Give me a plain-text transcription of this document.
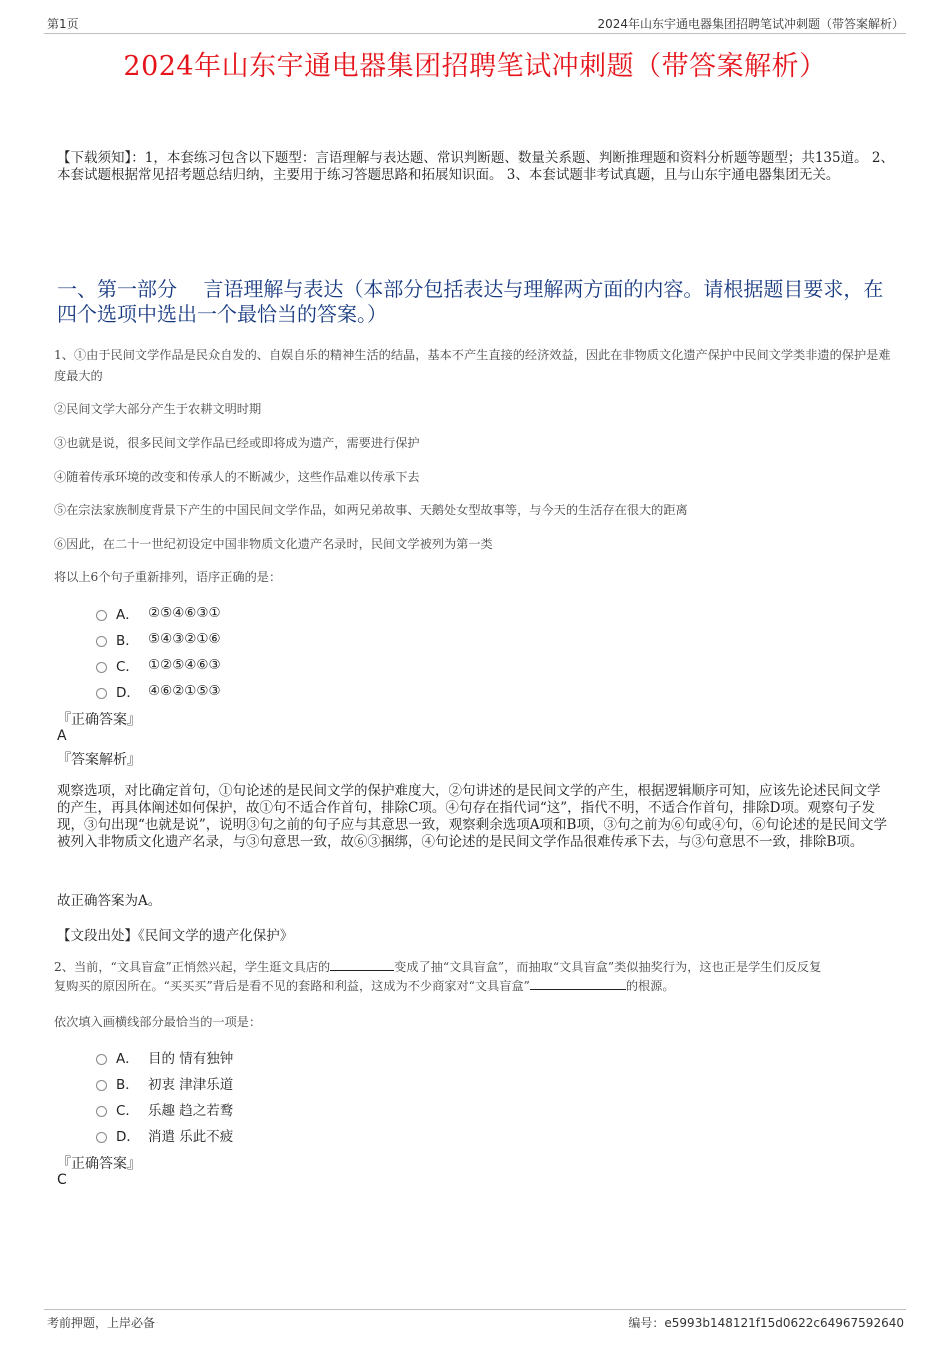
第1页	2024年山东宇通电器集团招聘笔试冲刺题（带答案解析）
2024年山东宇通电器集团招聘笔试冲刺题（带答案解析）
【下载须知】：1，本套练习包含以下题型：言语理解与表达题、常识判断题、数量关系题、判断推理题和资料分析题等题型；共135道。 2、本套试题根据常见招考题总结归纳，主要用于练习答题思路和拓展知识面。 3、本套试题非考试真题，且与山东宇通电器集团无关。
一、第一部分　 言语理解与表达（本部分包括表达与理解两方面的内容。请根据题目要求，在四个选项中选出一个最恰当的答案。）
1、①由于民间文学作品是民众自发的、自娱自乐的精神生活的结晶，基本不产生直接的经济效益，因此在非物质文化遗产保护中民间文学类非遗的保护是难度最大的
②民间文学大部分产生于农耕文明时期
③也就是说，很多民间文学作品已经或即将成为遗产，需要进行保护
④随着传承环境的改变和传承人的不断减少，这些作品难以传承下去
⑤在宗法家族制度背景下产生的中国民间文学作品，如两兄弟故事、天鹅处女型故事等，与今天的生活存在很大的距离
⑥因此，在二十一世纪初设定中国非物质文化遗产名录时，民间文学被列为第一类
将以上6个句子重新排列，语序正确的是：
A． ②⑤④⑥③①
B． ⑤④③②①⑥
C． ①②⑤④⑥③
D． ④⑥②①⑤③
『正确答案』
A
『答案解析』
观察选项，对比确定首句，①句论述的是民间文学的保护难度大，②句讲述的是民间文学的产生，根据逻辑顺序可知，应该先论述民间文学的产生，再具体阐述如何保护，故①句不适合作首句，排除C项。④句存在指代词“这”，指代不明，不适合作首句，排除D项。观察句子发现，③句出现“也就是说”，说明③句之前的句子应与其意思一致，观察剩余选项A项和B项，③句之前为⑥句或④句，⑥句论述的是民间文学被列入非物质文化遗产名录，与③句意思一致，故⑥③捆绑，④句论述的是民间文学作品很难传承下去，与③句意思不一致，排除B项。
故正确答案为A。
【文段出处】《民间文学的遗产化保护》
2、当前，“文具盲盒”正悄然兴起，学生逛文具店的	变成了抽“文具盲盒”，而抽取“文具盲盒”类似抽奖行为，这也正是学生们反反复
复购买的原因所在。“买买买”背后是看不见的套路和利益，这成为不少商家对“文具盲盒”	的根源。
依次填入画横线部分最恰当的一项是：
A． 目的 情有独钟
B． 初衷 津津乐道
C． 乐趣 趋之若鹜
D． 消遣 乐此不疲
『正确答案』
C
考前押题，上岸必备	编号：e5993b148121f15d0622c64967592640
